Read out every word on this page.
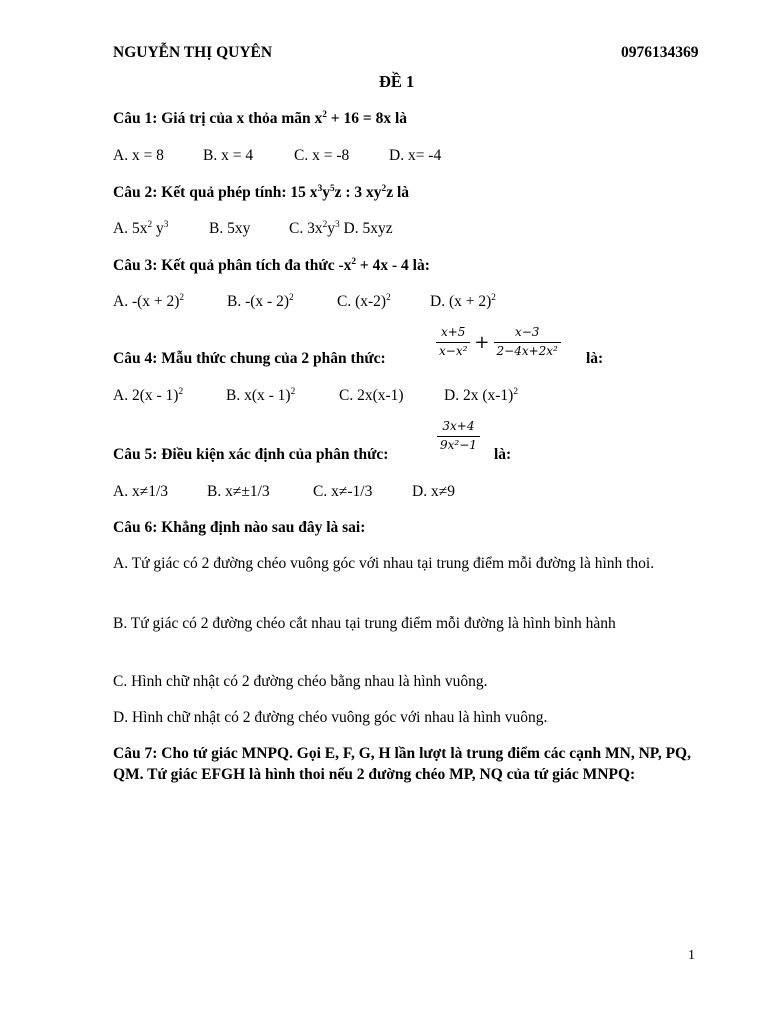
NGUYỄN THỊ QUYÊN	0976134369
ĐỀ 1
Câu 1: Giá trị của x thỏa mãn $x^2 + 16 = 8x$ là
A. x = 8	B. x = 4	C. x = -8	D. x= -4
Câu 2: Kết quả phép tính: 15 $x^3y^5z$ : 3 $xy^2z$ là
A. $5x^2$ $y^3$	B. 5xy C. $3x^2y^3$ D. 5xyz
Câu 3: Kết quả phân tích đa thức $-x^2 + 4x - 4$ là:
A. $-(x + 2)^2$	B. -(x - 2)$^2$	C. $(x-2)^2$	D. $(x + 2)^2$
Câu 4: Mẫu thức chung của 2 phân thức:	$\frac{x+5}{\text{x−x²}} + \frac{x-3}{\text{2−4x+2x²}}$ là:
A. 2(x - 1)$^2$	B. x(x - 1)$^2$	C. 2x(x-1)	D. 2x $(x-1)^2$
Câu 5: Điều kiện xác định của phân thức:
$\frac{3x+4}{\text{9x²−1}}$
là:
A. x≠1/3	B. x≠±1/3	C. x≠-1/3	D. x≠9
Câu 6: Khẳng định nào sau đây là sai:
A. Tứ giác có 2 đường chéo vuông góc với nhau tại trung điểm mỗi đường là hình thoi.
B. Tứ giác có 2 đường chéo cắt nhau tại trung điểm mỗi đường là hình bình hành
C. Hình chữ nhật có 2 đường chéo bằng nhau là hình vuông.
D. Hình chữ nhật có 2 đường chéo vuông góc với nhau là hình vuông.
Câu 7: Cho tứ giác MNPQ. Gọi E, F, G, H lần lượt là trung điểm các cạnh MN, NP, PQ, QM. Tứ giác EFGH là hình thoi nếu 2 đường chéo MP, NQ của tứ giác MNPQ:
1
